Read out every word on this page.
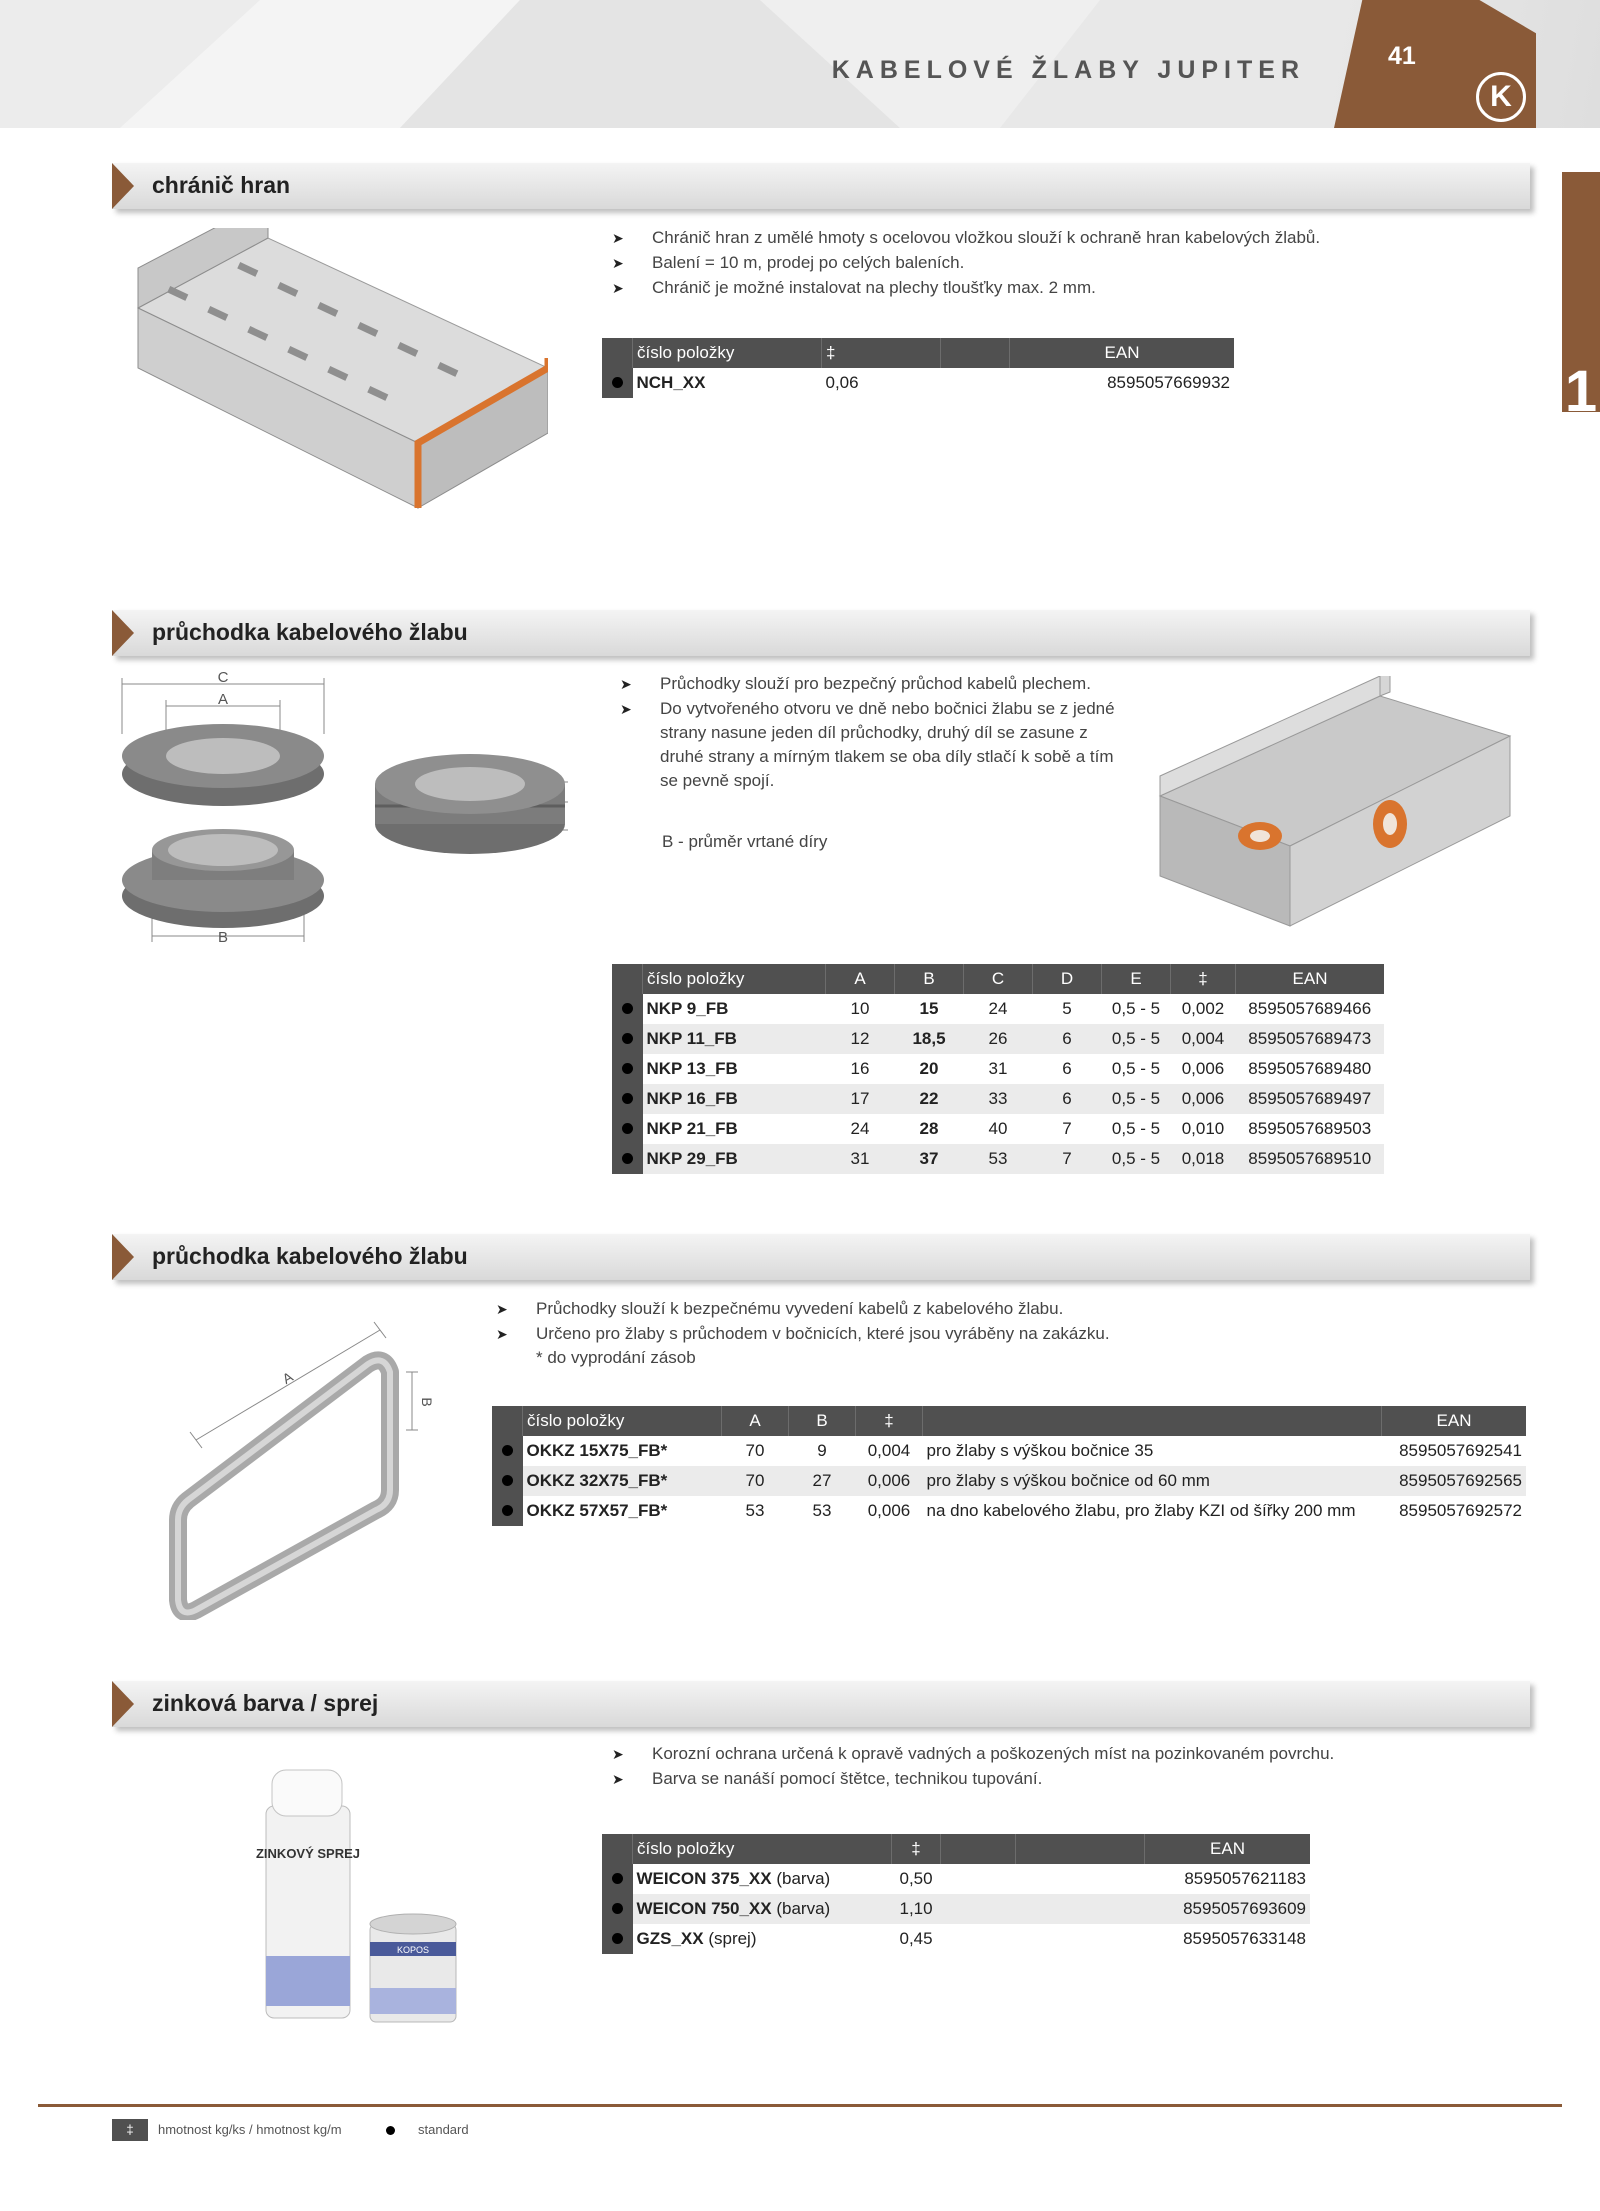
KABELOVÉ ŽLABY JUPITER	41
K
1
chránič hran
➤ Chránič hran z umělé hmoty s ocelovou vložkou slouží k ochraně hran kabelových žlabů.
➤ Balení = 10 m, prodej po celých baleních.
➤ Chránič je možné instalovat na plechy tloušťky max. 2 mm.
	číslo položky	‡		EAN
	NCH_XX	0,06		8595057669932
průchodka kabelového žlabu
C
A
B
➤ Průchodky slouží pro bezpečný průchod kabelů plechem.
➤ Do vytvořeného otvoru ve dně nebo bočnici žlabu se z jedné strany nasune jeden díl průchodky, druhý díl se zasune z druhé strany a mírným tlakem se oba díly stlačí k sobě a tím se pevně spojí.
B - průměr vrtané díry
	číslo položky	A	B	C	D	E	‡	EAN
	NKP 9_FB	10	15	24	5	0,5 - 5	0,002	8595057689466
	NKP 11_FB	12	18,5	26	6	0,5 - 5	0,004	8595057689473
	NKP 13_FB	16	20	31	6	0,5 - 5	0,006	8595057689480
	NKP 16_FB	17	22	33	6	0,5 - 5	0,006	8595057689497
	NKP 21_FB	24	28	40	7	0,5 - 5	0,010	8595057689503
	NKP 29_FB	31	37	53	7	0,5 - 5	0,018	8595057689510
průchodka kabelového žlabu
A
B
➤ Průchodky slouží k bezpečnému vyvedení kabelů z kabelového žlabu.
➤ Určeno pro žlaby s průchodem v bočnicích, které jsou vyráběny na zakázku.
* do vyprodání zásob
	číslo položky	A	B	‡		EAN
	OKKZ 15X75_FB*	70	9	0,004	pro žlaby s výškou bočnice 35	8595057692541
	OKKZ 32X75_FB*	70	27	0,006	pro žlaby s výškou bočnice od 60 mm	8595057692565
	OKKZ 57X57_FB*	53	53	0,006	na dno kabelového žlabu, pro žlaby KZI od šířky 200 mm	8595057692572
zinková barva / sprej
ZINKOVÝ SPREJ
KOPOS
➤ Korozní ochrana určená k opravě vadných a poškozených míst na pozinkovaném povrchu.
➤ Barva se nanáší pomocí štětce, technikou tupování.
	číslo položky	‡			EAN
	WEICON 375_XX (barva)	0,50			8595057621183
	WEICON 750_XX (barva)	1,10			8595057693609
	GZS_XX (sprej)	0,45			8595057633148
‡	hmotnost kg/ks / hmotnost kg/m	standard
